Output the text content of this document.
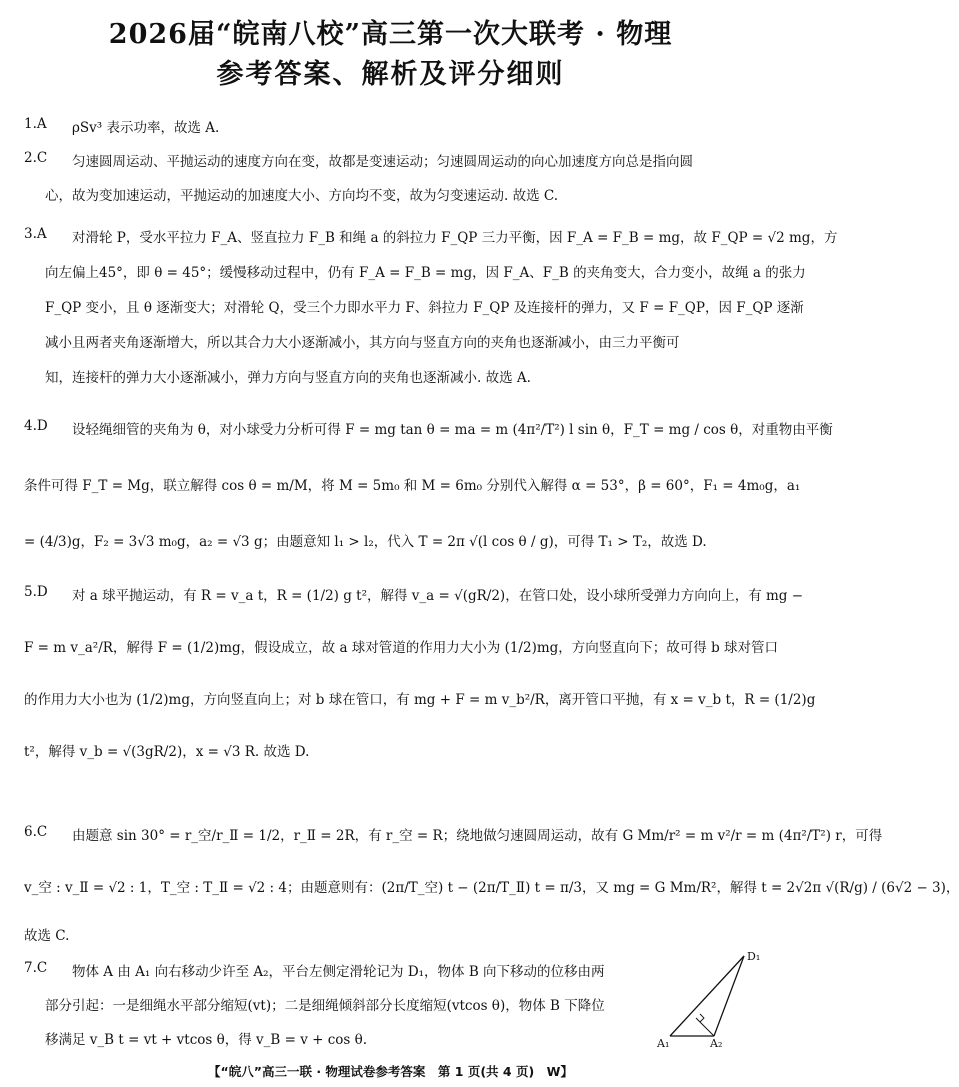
2026届“皖南八校”高三第一次大联考 · 物理
参考答案、解析及评分细则
1.A ρSv³ 表示功率，故选 A.
2.C 匀速圆周运动、平抛运动的速度方向在变，故都是变速运动；匀速圆周运动的向心加速度方向总是指向圆
心，故为变加速运动，平抛运动的加速度大小、方向均不变，故为匀变速运动. 故选 C.
3.A 对滑轮 P，受水平拉力 F_A、竖直拉力 F_B 和绳 a 的斜拉力 F_QP 三力平衡，因 F_A = F_B = mg，故 F_QP = √2 mg，方
向左偏上45°，即 θ = 45°；缓慢移动过程中，仍有 F_A = F_B = mg，因 F_A、F_B 的夹角变大，合力变小，故绳 a 的张力
F_QP 变小，且 θ 逐渐变大；对滑轮 Q，受三个力即水平力 F、斜拉力 F_QP 及连接杆的弹力，又 F = F_QP，因 F_QP 逐渐
减小且两者夹角逐渐增大，所以其合力大小逐渐减小，其方向与竖直方向的夹角也逐渐减小，由三力平衡可
知，连接杆的弹力大小逐渐减小，弹力方向与竖直方向的夹角也逐渐减小. 故选 A.
4.D 设轻绳细管的夹角为 θ，对小球受力分析可得 F = mg tan θ = ma = m (4π²/T²) l sin θ，F_T = mg / cos θ，对重物由平衡
条件可得 F_T = Mg，联立解得 cos θ = m/M，将 M = 5m₀ 和 M = 6m₀ 分别代入解得 α = 53°，β = 60°，F₁ = 4m₀g，a₁
= (4/3)g，F₂ = 3√3 m₀g，a₂ = √3 g；由题意知 l₁ > l₂，代入 T = 2π √(l cos θ / g)，可得 T₁ > T₂，故选 D.
5.D 对 a 球平抛运动，有 R = v_a t，R = (1/2) g t²，解得 v_a = √(gR/2)，在管口处，设小球所受弹力方向向上，有 mg −
F = m v_a²/R，解得 F = (1/2)mg，假设成立，故 a 球对管道的作用力大小为 (1/2)mg，方向竖直向下；故可得 b 球对管口
的作用力大小也为 (1/2)mg，方向竖直向上；对 b 球在管口，有 mg + F = m v_b²/R，离开管口平抛，有 x = v_b t，R = (1/2)g
t²，解得 v_b = √(3gR/2)，x = √3 R. 故选 D.
6.C 由题意 sin 30° = r_空/r_Ⅱ = 1/2，r_Ⅱ = 2R，有 r_空 = R；绕地做匀速圆周运动，故有 G Mm/r² = m v²/r = m (4π²/T²) r，可得
v_空 : v_Ⅱ = √2 : 1，T_空 : T_Ⅱ = √2 : 4；由题意则有：(2π/T_空) t − (2π/T_Ⅱ) t = π/3，又 mg = G Mm/R²，解得 t = 2√2π √(R/g) / (6√2 − 3)，
故选 C.
7.C 物体 A 由 A₁ 向右移动少许至 A₂，平台左侧定滑轮记为 D₁，物体 B 向下移动的位移由两
部分引起：一是细绳水平部分缩短(vt)；二是细绳倾斜部分长度缩短(vtcos θ)，物体 B 下降位
移满足 v_B t = vt + vtcos θ，得 v_B = v + cos θ.
D₁
A₁	A₂
【“皖八”高三一联 · 物理试卷参考答案　第 1 页(共 4 页)　W】
